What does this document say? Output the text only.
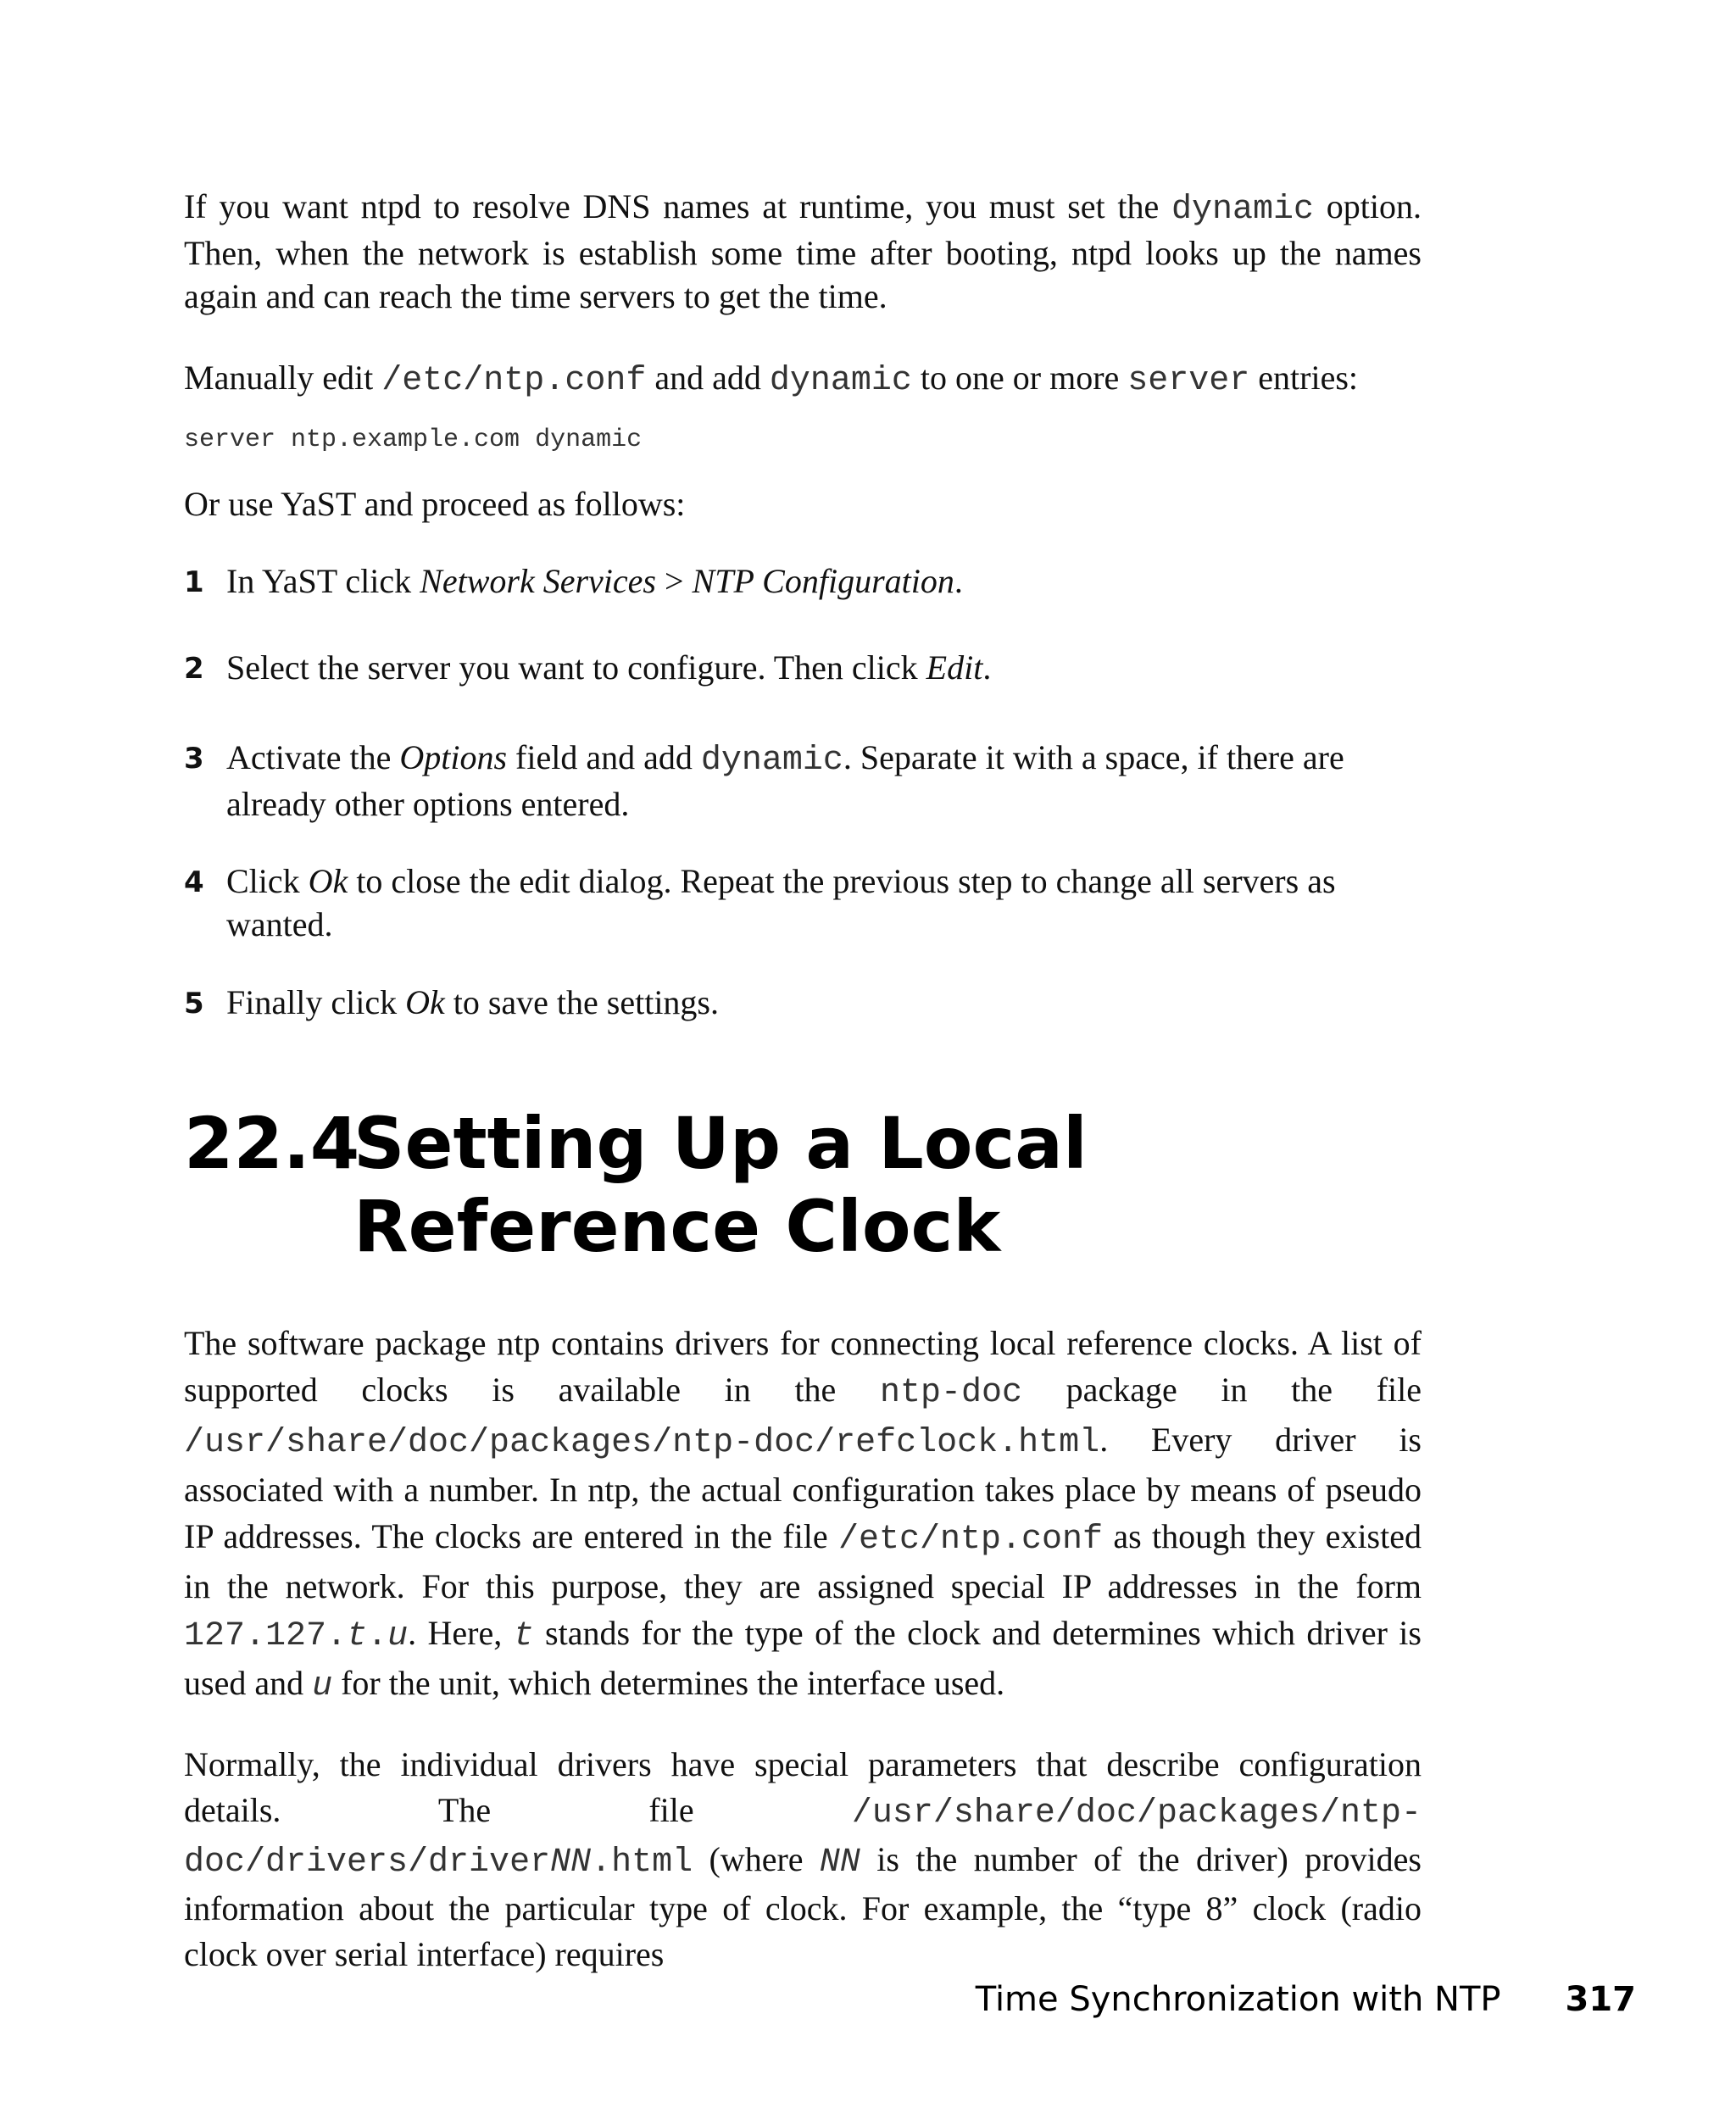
If you want ntpd to resolve DNS names at runtime, you must set the dynamic option. Then, when the network is establish some time after booting, ntpd looks up the names again and can reach the time servers to get the time.

Manually edit /etc/ntp.conf and add dynamic to one or more server entries:

server ntp.example.com dynamic

Or use YaST and proceed as follows:

1 In YaST click Network Services > NTP Configuration.
2 Select the server you want to configure. Then click Edit.
3 Activate the Options field and add dynamic. Separate it with a space, if there are already other options entered.
4 Click Ok to close the edit dialog. Repeat the previous step to change all servers as wanted.
5 Finally click Ok to save the settings.
22.4
Setting Up a Local Reference Clock

The software package ntp contains drivers for connecting local reference clocks. A list of supported clocks is available in the ntp-doc package in the file /usr/share/doc/packages/ntp-doc/refclock.html. Every driver is associated with a number. In ntp, the actual configuration takes place by means of pseudo IP addresses. The clocks are entered in the file /etc/ntp.conf as though they existed in the network. For this purpose, they are assigned special IP addresses in the form 127.127.t.u. Here, t stands for the type of the clock and determines which driver is used and u for the unit, which determines the interface used.

Normally, the individual drivers have special parameters that describe configuration details. The file /usr/share/doc/packages/ntp-doc/drivers/driverNN.html (where NN is the number of the driver) provides information about the particular type of clock. For example, the “type 8” clock (radio clock over serial interface) requires

Time Synchronization with NTP 317
